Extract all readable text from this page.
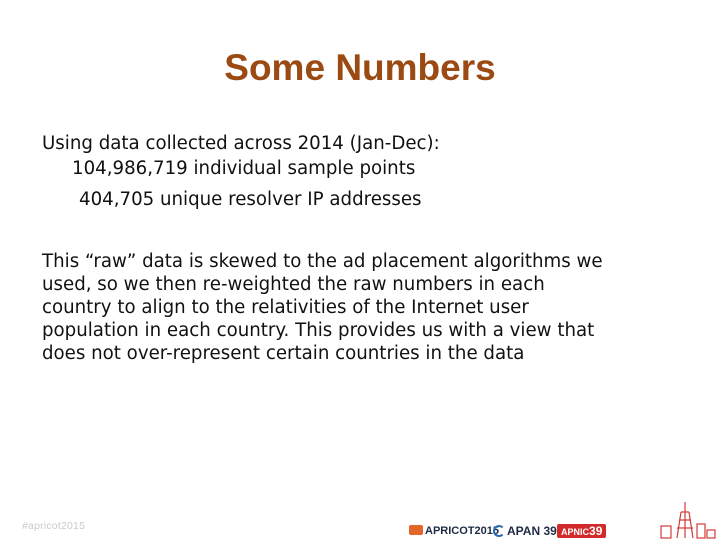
Some Numbers
Using data collected across 2014 (Jan-Dec):
104,986,719 individual sample points
404,705 unique resolver IP addresses
This “raw” data is skewed to the ad placement algorithms we
used, so we then re-weighted the raw numbers in each
country to align to the relativities of the Internet user
population in each country. This provides us with a view that
does not over-represent certain countries in the data
#apricot2015	APRICOT2015 APAN 39 APNIC39
